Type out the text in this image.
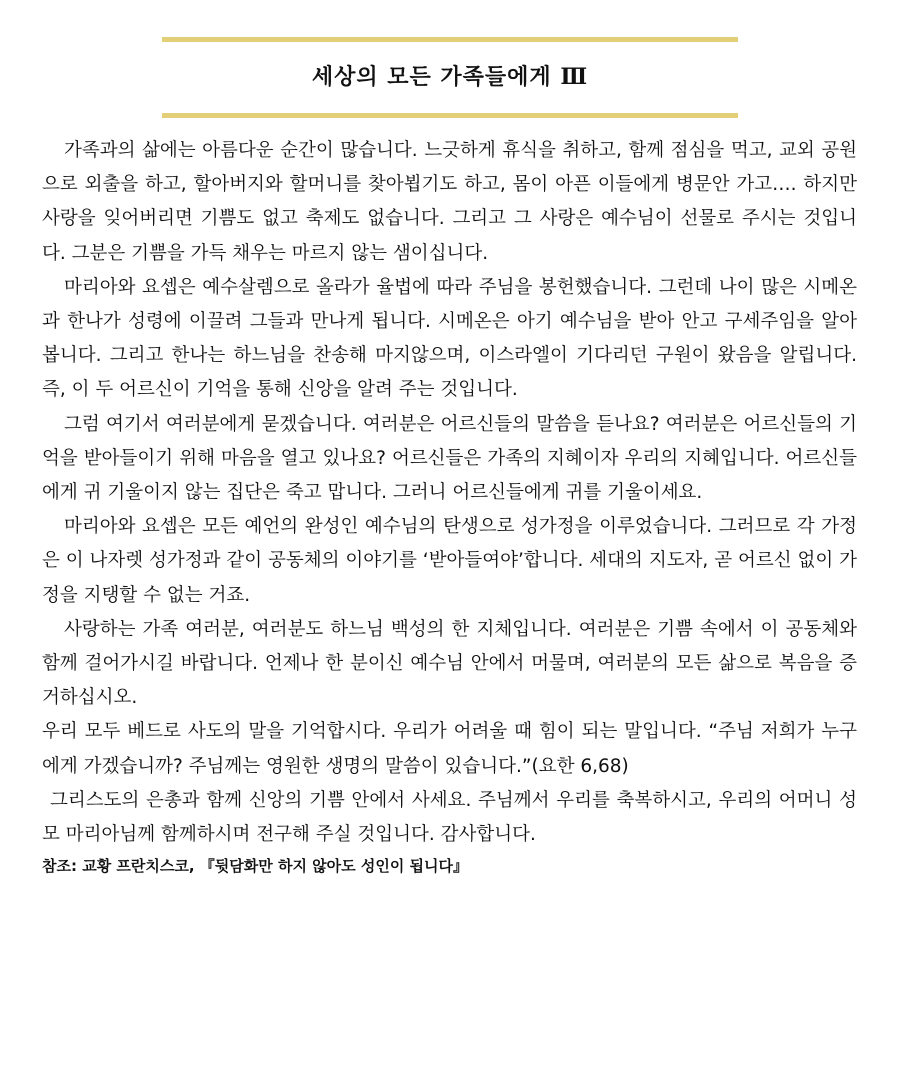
세상의 모든 가족들에게 Ⅲ

가족과의 삶에는 아름다운 순간이 많습니다. 느긋하게 휴식을 취하고, 함께 점심을 먹고, 교외 공원으로 외출을 하고, 할아버지와 할머니를 찾아뵙기도 하고, 몸이 아픈 이들에게 병문안 가고…. 하지만 사랑을 잊어버리면 기쁨도 없고 축제도 없습니다. 그리고 그 사랑은 예수님이 선물로 주시는 것입니다. 그분은 기쁨을 가득 채우는 마르지 않는 샘이십니다.

마리아와 요셉은 예수살렘으로 올라가 율법에 따라 주님을 봉헌했습니다. 그런데 나이 많은 시메온과 한나가 성령에 이끌려 그들과 만나게 됩니다. 시메온은 아기 예수님을 받아 안고 구세주임을 알아봅니다. 그리고 한나는 하느님을 찬송해 마지않으며, 이스라엘이 기다리던 구원이 왔음을 알립니다. 즉, 이 두 어르신이 기억을 통해 신앙을 알려 주는 것입니다.

그럼 여기서 여러분에게 묻겠습니다. 여러분은 어르신들의 말씀을 듣나요? 여러분은 어르신들의 기억을 받아들이기 위해 마음을 열고 있나요? 어르신들은 가족의 지혜이자 우리의 지혜입니다. 어르신들에게 귀 기울이지 않는 집단은 죽고 맙니다. 그러니 어르신들에게 귀를 기울이세요.

마리아와 요셉은 모든 예언의 완성인 예수님의 탄생으로 성가정을 이루었습니다. 그러므로 각 가정은 이 나자렛 성가정과 같이 공동체의 이야기를 ‘받아들여야’합니다. 세대의 지도자, 곧 어르신 없이 가정을 지탱할 수 없는 거죠.

사랑하는 가족 여러분, 여러분도 하느님 백성의 한 지체입니다. 여러분은 기쁨 속에서 이 공동체와 함께 걸어가시길 바랍니다. 언제나 한 분이신 예수님 안에서 머물며, 여러분의 모든 삶으로 복음을 증거하십시오.

우리 모두 베드로 사도의 말을 기억합시다. 우리가 어려울 때 힘이 되는 말입니다. “주님 저희가 누구에게 가겠습니까? 주님께는 영원한 생명의 말씀이 있습니다.”(요한 6,68)

그리스도의 은총과 함께 신앙의 기쁨 안에서 사세요. 주님께서 우리를 축복하시고, 우리의 어머니 성모 마리아님께 함께하시며 전구해 주실 것입니다. 감사합니다.

참조: 교황 프란치스코, 『뒷담화만 하지 않아도 성인이 됩니다』
